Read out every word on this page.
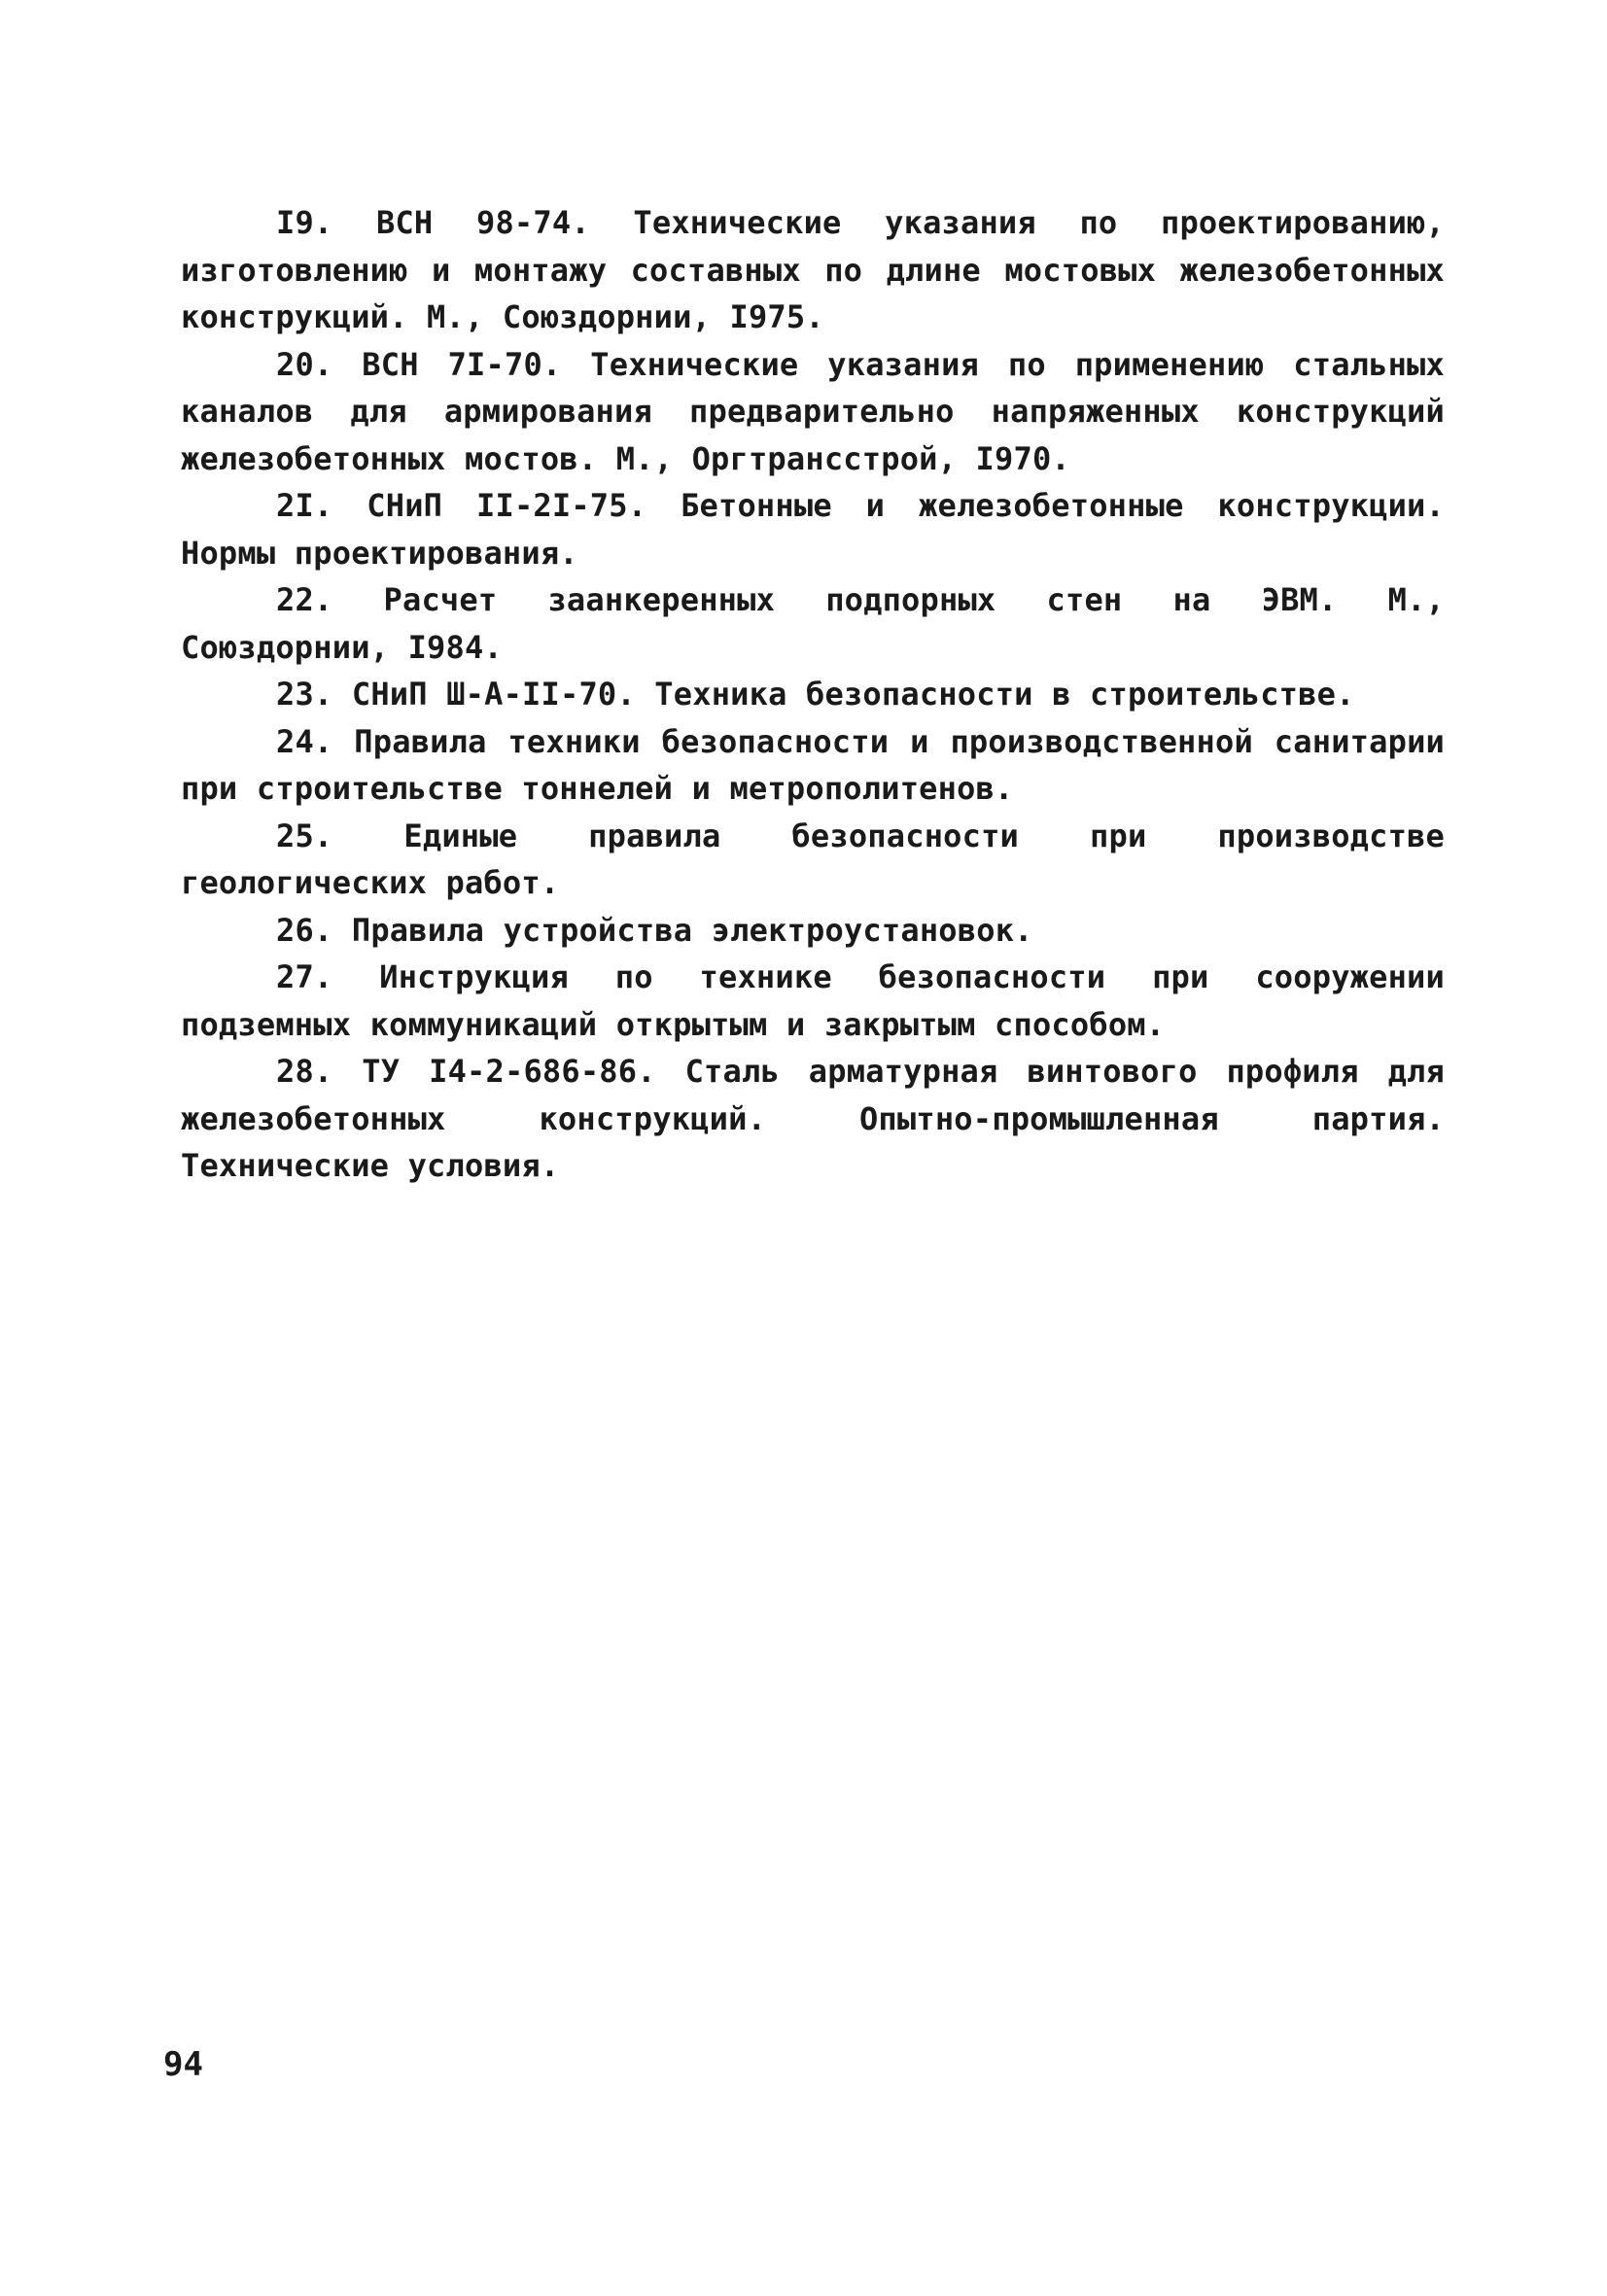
I9. ВСН 98-74. Технические указания по проектированию, изготовлению и монтажу составных по длине мостовых железобетонных конструкций. М., Союздорнии, I975.

20. ВСН 7I-70. Технические указания по применению стальных каналов для армирования предварительно напряженных конструкций железобетонных мостов. М., Оргтрансстрой, I970.

2I. СНиП II-2I-75. Бетонные и железобетонные конструкции. Нормы проектирования.

22. Расчет заанкеренных подпорных стен на ЭВМ. М., Союздорнии, I984.

23. СНиП Ш-А-II-70. Техника безопасности в строительстве.

24. Правила техники безопасности и производственной санитарии при строительстве тоннелей и метрополитенов.

25. Единые правила безопасности при производстве геологических работ.

26. Правила устройства электроустановок.

27. Инструкция по технике безопасности при сооружении подземных коммуникаций открытым и закрытым способом.

28. ТУ I4-2-686-86. Сталь арматурная винтового профиля для железобетонных конструкций. Опытно-промышленная партия. Технические условия.

94
